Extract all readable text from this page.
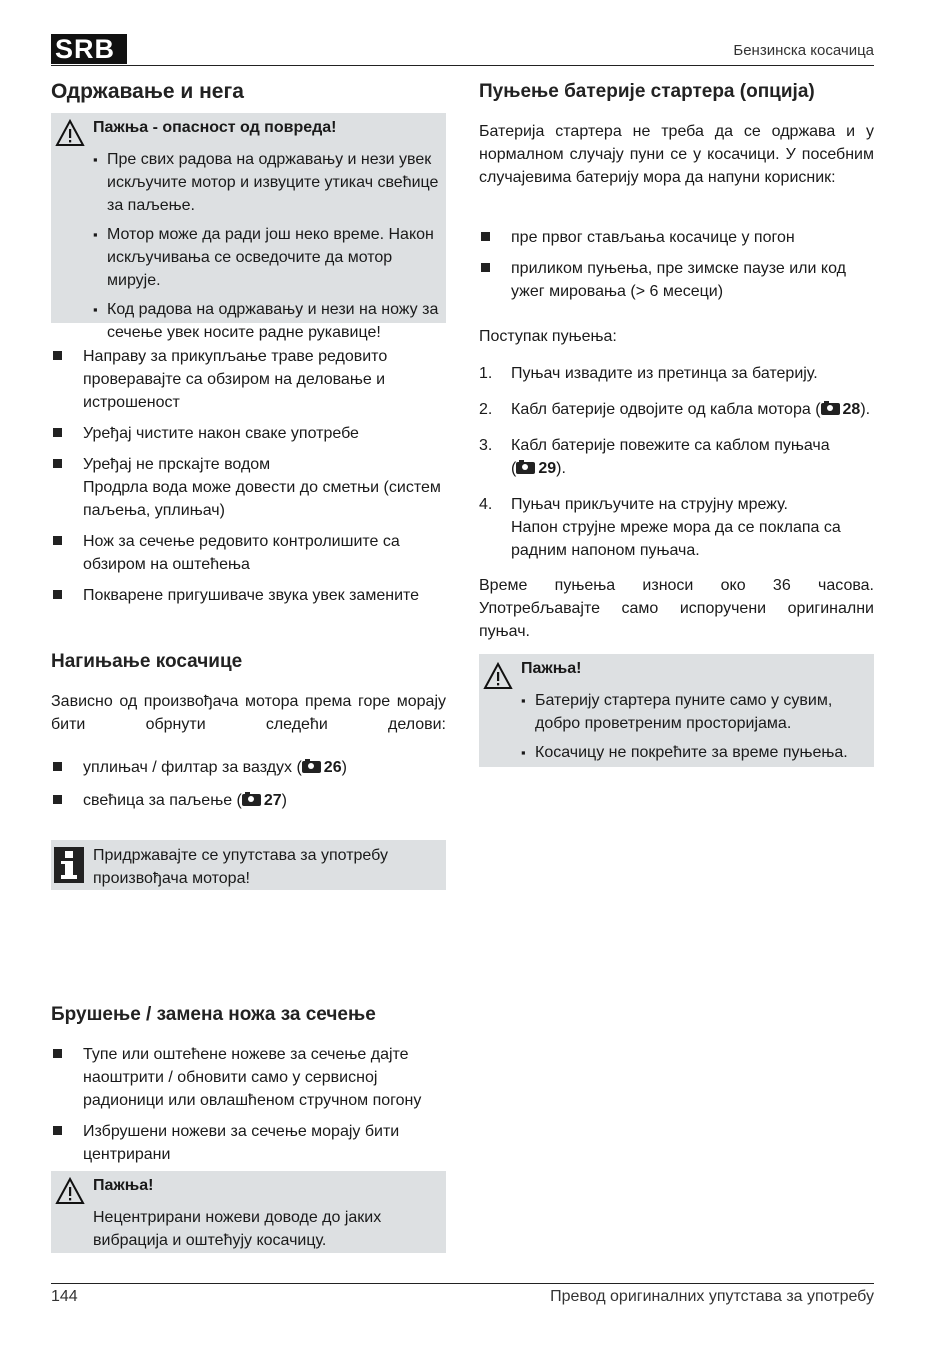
SRB	Бензинска косачица
Одржавање и нега
Пажња - опасност од повреда!
▪ Пре свих радова на одржавању и нези увек искључите мотор и извуците утикач свећице за паљење.
▪ Мотор може да ради још неко време. Након искључивања се осведочите да мотор мирује.
▪ Код радова на одржавању и нези на ножу за сечење увек носите радне рукавице!
Направу за прикупљање траве редовито
проверавајте са обзиром на деловање и
истрошеност
Уређај чистите након сваке употребе
Уређај не прскајте водом
Продрла вода може довести до сметњи (систем
паљења, уплињач)
Нож за сечење редовито контролишите са
обзиром на оштећења
Покварене пригушиваче звука увек замените
Нагињање косачице
Зависно од произвођача мотора према горе морају бити обрнути следећи делови:
уплињач / филтар за ваздух ( 26)
свећица за паљење ( 27)
Придржавајте се упутстава за употребу произвођача мотора!
Брушење / замена ножа за сечење
Тупе или оштећене ножеве за сечење дајте
наоштрити / обновити само у сервисној
радионици или овлашћеном стручном погону
Избрушени ножеви за сечење морају бити
центрирани
Пажња!
Нецентрирани ножеви доводе до јаких
вибрација и оштећују косачицу.
Пуњење батерије стартера (опција)
Батерија стартера не треба да се одржава и у нормалном случају пуни се у косачици. У посебним случајевима батерију мора да напуни корисник:
пре првог стављања косачице у погон
приликом пуњења, пре зимске паузе или код
ужег мировања (> 6 месеци)
Поступак пуњења:
1. Пуњач извадите из претинца за батерију.
2. Кабл батерије одвојите од кабла мотора ( 28).
3. Кабл батерије повежите са каблом пуњача
( 29).
4. Пуњач прикључите на струјну мрежу.
Напон струјне мреже мора да се поклапа са
радним напоном пуњача.
Време пуњења износи око 36 часова. Употребљавајте само испоручени оригинални пуњач.
Пажња!
▪ Батерију стартера пуните само у сувим, добро проветреним просторијама.
▪ Косачицу не покрећите за време пуњења.
144	Превод оригиналних упутстава за употребу
